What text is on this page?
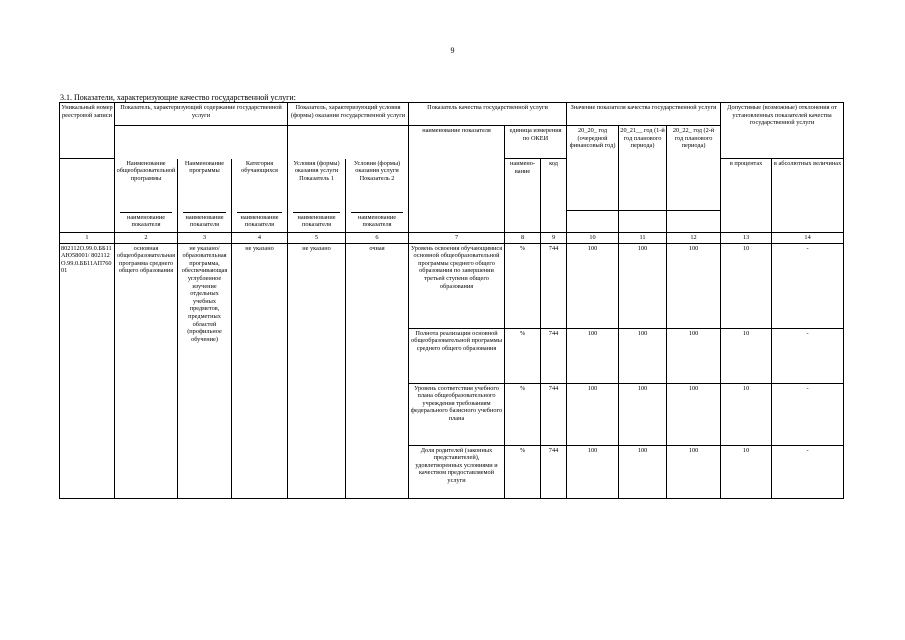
9
3.1. Показатели, характеризующие качество государственной услуги:
Уникальный номер реестровой записи	Показатель, характеризующий содержание государственной услуги			Показатель, характеризующий условия (формы) оказания государственной услуги		Показатель качества государственной услуги			Значение показателя качества государственной услуги			Допустимые (возможные) отклонения от установленных показателей качества государственной услуги	
						наименование показателя	единица измерения по ОКЕИ		20_20_ год (очередной финансовый год)	20_21__ год (1-й год планового периода)	20_22_ год (2-й год планового периода)		
	Наименование общеобразовательной программы	Наименование программы	Категория обучающихся	Условия (формы) оказания услуги Показатель 1	Условия (формы) оказания услуги Показатель 2		наимено-вание	код				в процентах	в абсолютных величинах

	наименование показателя	наименование показателя	наименование показателя	наименование показателя	наименование показателя								

1	2	3	4	5	6	7	8	9	10	11	12	13	14
802112О.99.0.ББ11АЮ58001/ 802112О.99.0.ББ11АП76001	основная общеобразовательная программа среднего общего образования	не указано/ образовательная программа, обеспечивающая углубленное изучение отдельных учебных предметов, предметных областей (профильное обучение)	не указано	не указано	очная	Уровень освоения обучающимися основной общеобразовательной программы среднего общего образования по завершении третьей ступени общего образования	%	744	100	100	100	10	-
						Полнота реализации основной общеобразовательной программы среднего общего образования	%	744	100	100	100	10	-
						Уровень соответствия учебного плана общеобразовательного учреждения требованиям федерального базисного учебного плана	%	744	100	100	100	10	-
						Доля родителей (законных представителей), удовлетворенных условиями и качеством предоставляемой услуги	%	744	100	100	100	10	-
